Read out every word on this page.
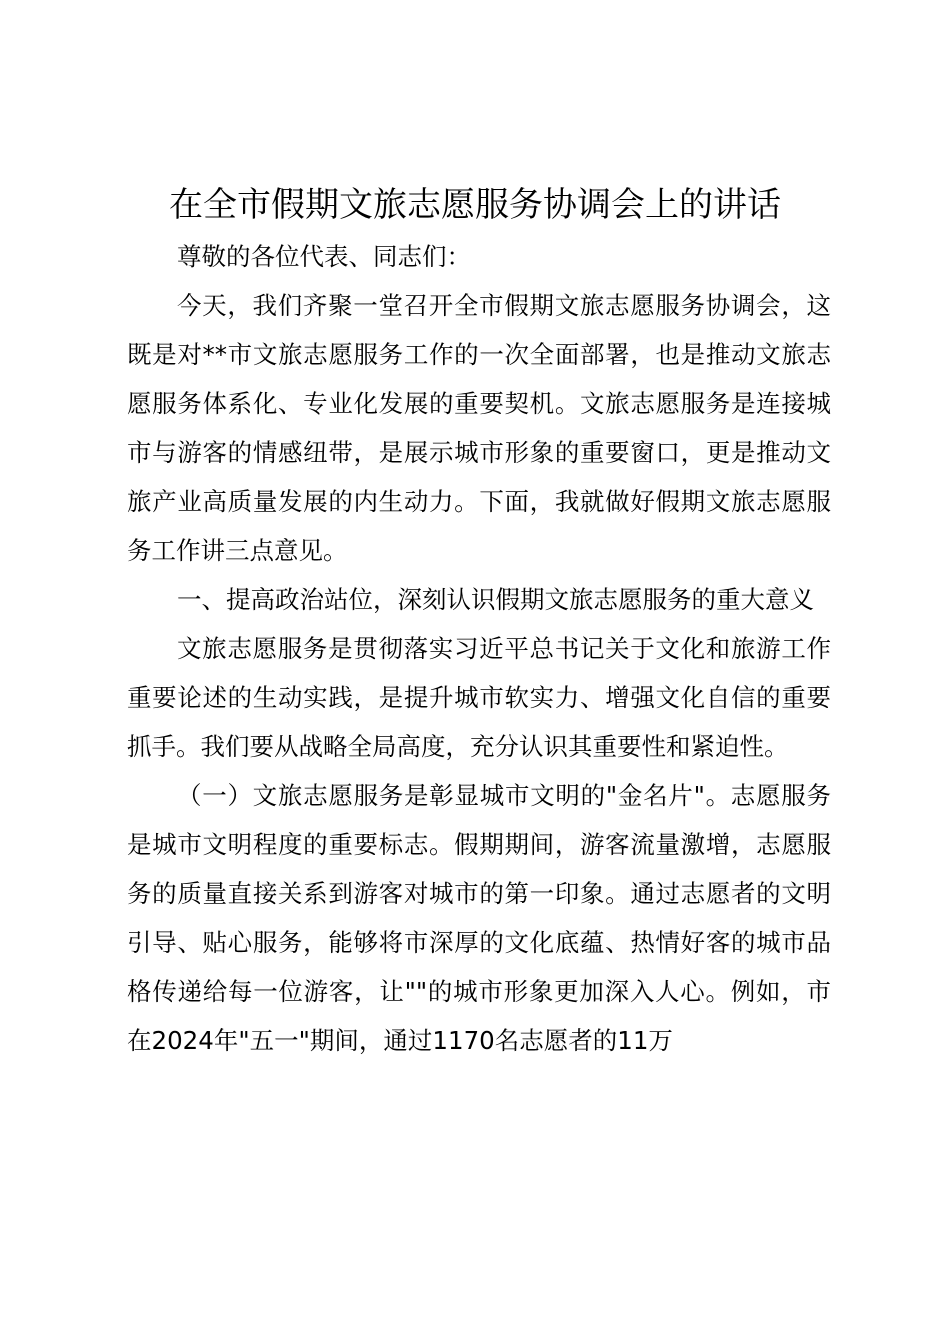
在全市假期文旅志愿服务协调会上的讲话

尊敬的各位代表、同志们：

今天，我们齐聚一堂召开全市假期文旅志愿服务协调会，这既是对**市文旅志愿服务工作的一次全面部署，也是推动文旅志愿服务体系化、专业化发展的重要契机。文旅志愿服务是连接城市与游客的情感纽带，是展示城市形象的重要窗口，更是推动文旅产业高质量发展的内生动力。下面，我就做好假期文旅志愿服务工作讲三点意见。

一、提高政治站位，深刻认识假期文旅志愿服务的重大意义

文旅志愿服务是贯彻落实习近平总书记关于文化和旅游工作重要论述的生动实践，是提升城市软实力、增强文化自信的重要抓手。我们要从战略全局高度，充分认识其重要性和紧迫性。

（一）文旅志愿服务是彰显城市文明的"金名片"。志愿服务是城市文明程度的重要标志。假期期间，游客流量激增，志愿服务的质量直接关系到游客对城市的第一印象。通过志愿者的文明引导、贴心服务，能够将市深厚的文化底蕴、热情好客的城市品格传递给每一位游客，让""的城市形象更加深入人心。例如，市在2024年"五一"期间，通过1170名志愿者的11万
